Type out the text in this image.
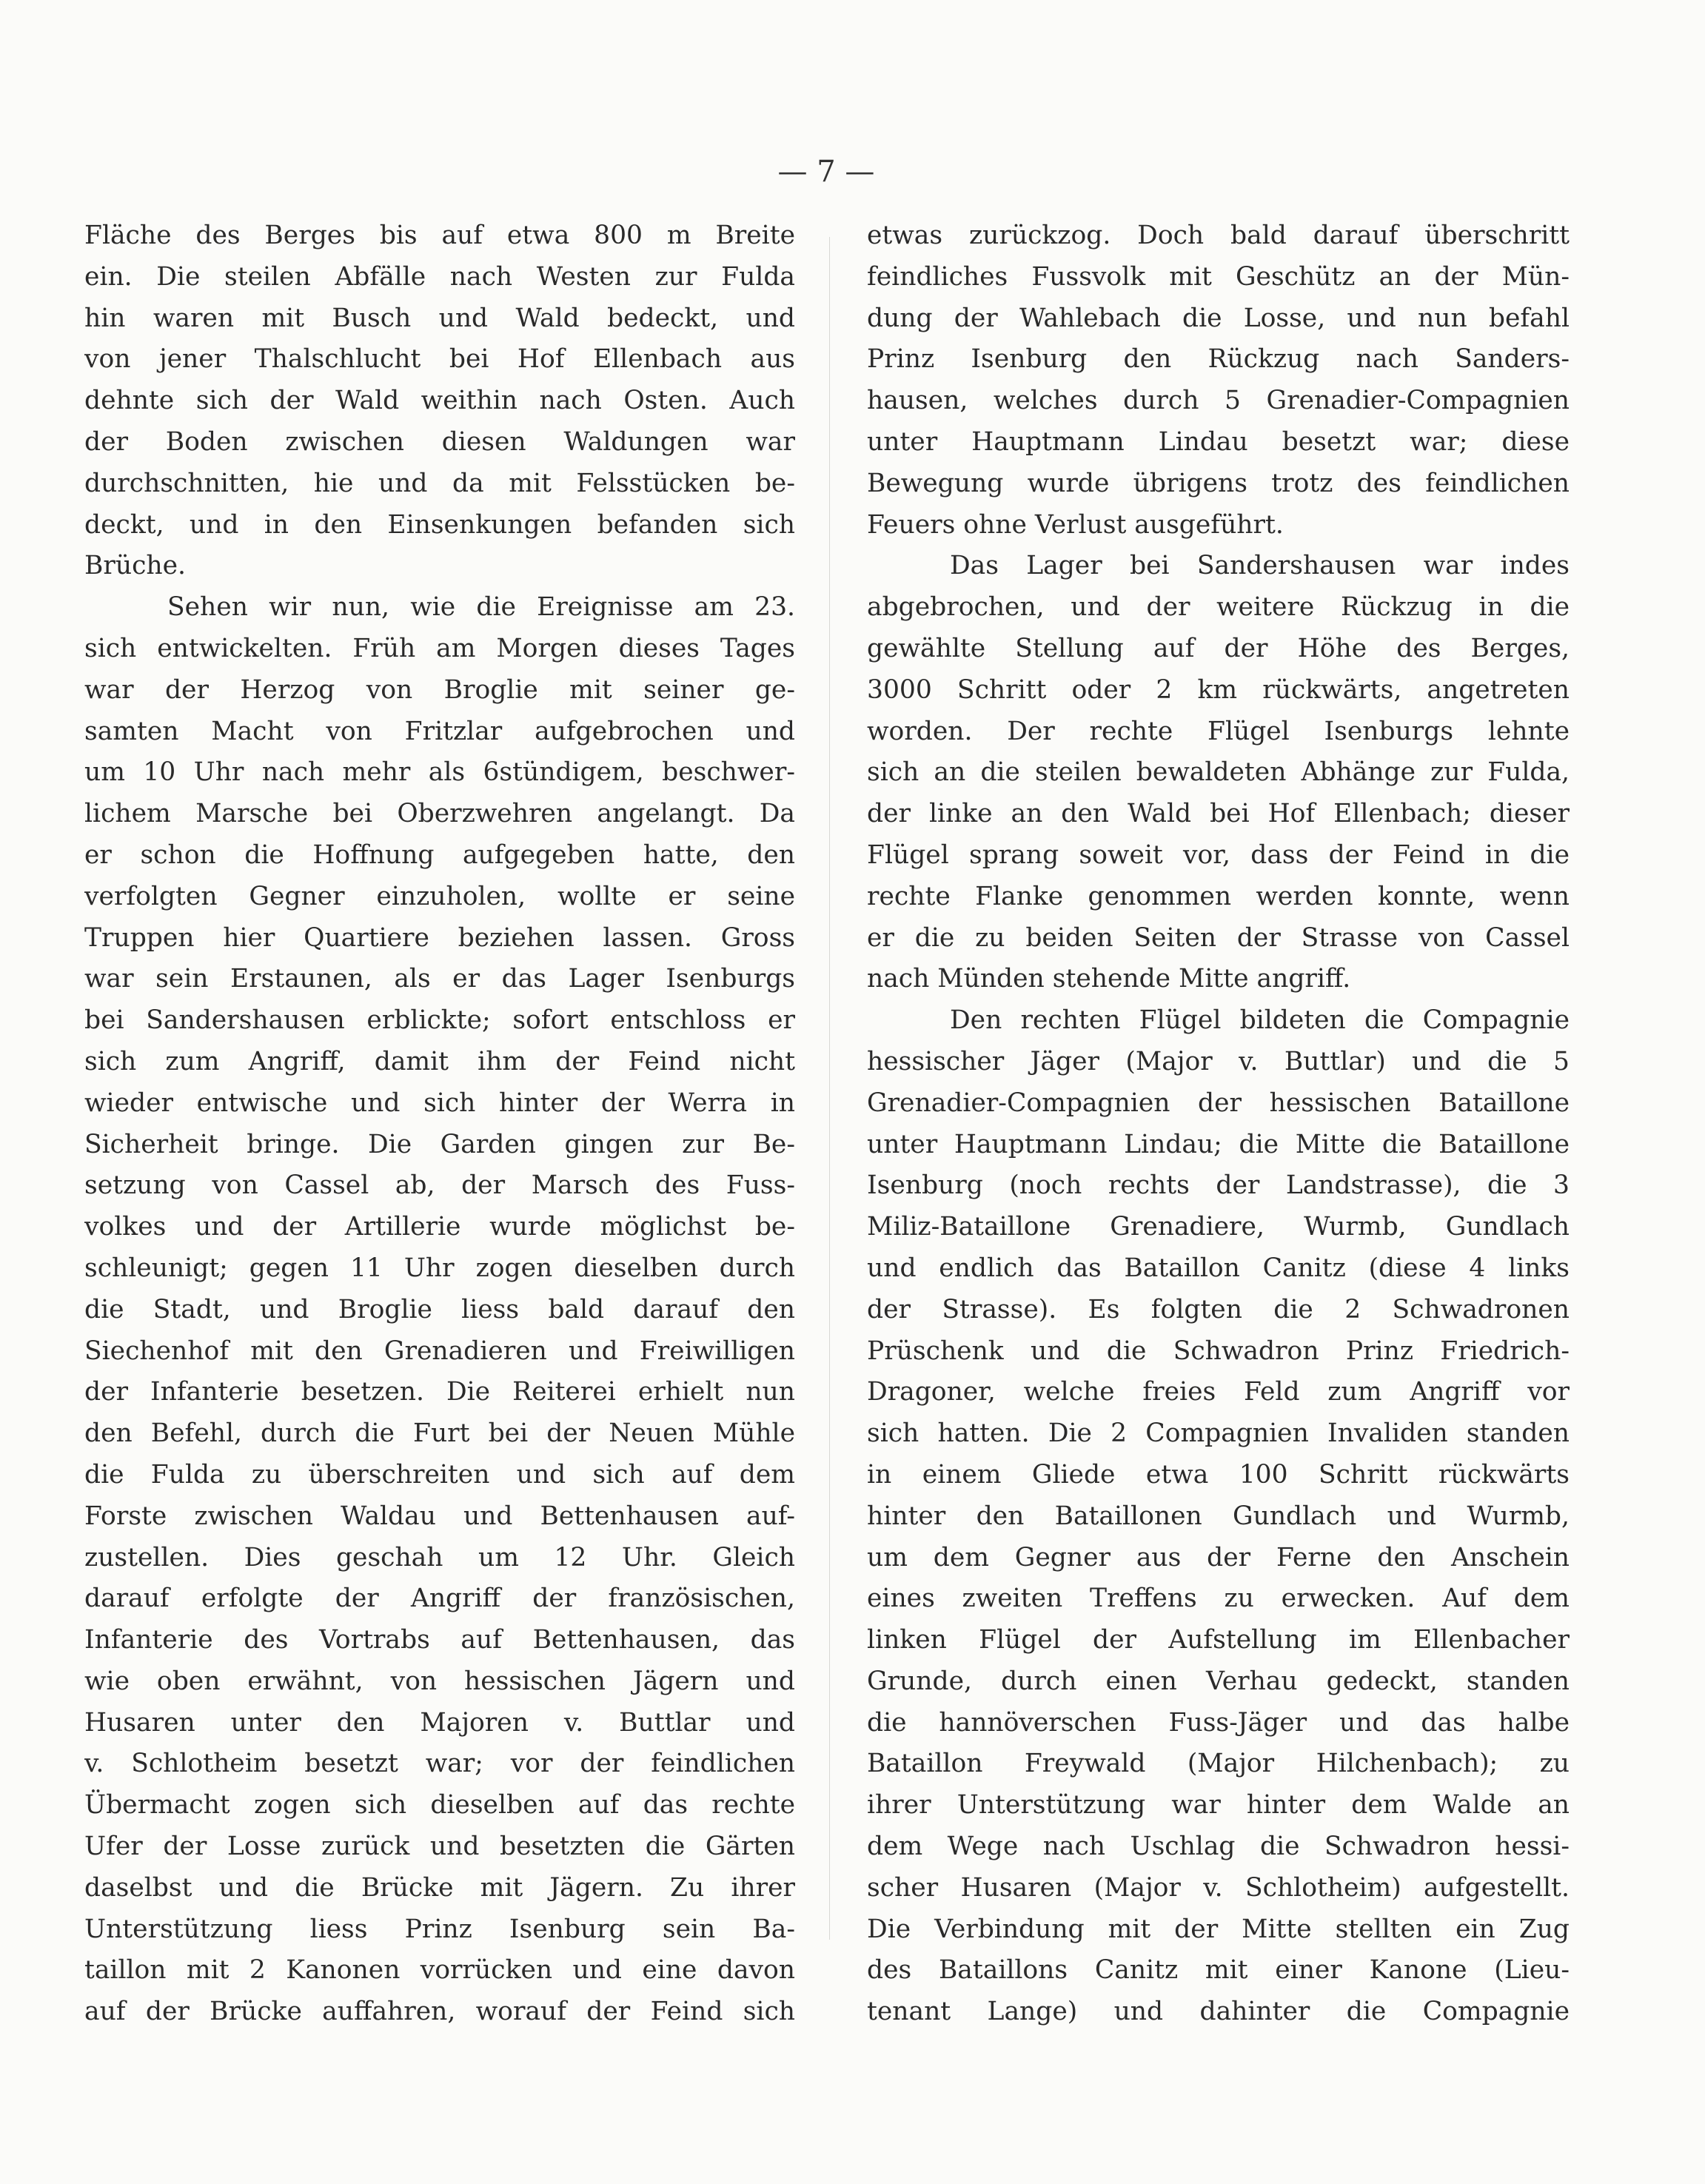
— 7 —
Fläche des Berges bis auf etwa 800 m Breite
ein. Die steilen Abfälle nach Westen zur Fulda
hin waren mit Busch und Wald bedeckt, und
von jener Thalschlucht bei Hof Ellenbach aus
dehnte sich der Wald weithin nach Osten. Auch
der Boden zwischen diesen Waldungen war
durchschnitten, hie und da mit Felsstücken be-
deckt, und in den Einsenkungen befanden sich
Brüche.
Sehen wir nun, wie die Ereignisse am 23.
sich entwickelten. Früh am Morgen dieses Tages
war der Herzog von Broglie mit seiner ge-
samten Macht von Fritzlar aufgebrochen und
um 10 Uhr nach mehr als 6stündigem, beschwer-
lichem Marsche bei Oberzwehren angelangt. Da
er schon die Hoffnung aufgegeben hatte, den
verfolgten Gegner einzuholen, wollte er seine
Truppen hier Quartiere beziehen lassen. Gross
war sein Erstaunen, als er das Lager Isenburgs
bei Sandershausen erblickte; sofort entschloss er
sich zum Angriff, damit ihm der Feind nicht
wieder entwische und sich hinter der Werra in
Sicherheit bringe. Die Garden gingen zur Be-
setzung von Cassel ab, der Marsch des Fuss-
volkes und der Artillerie wurde möglichst be-
schleunigt; gegen 11 Uhr zogen dieselben durch
die Stadt, und Broglie liess bald darauf den
Siechenhof mit den Grenadieren und Freiwilligen
der Infanterie besetzen. Die Reiterei erhielt nun
den Befehl, durch die Furt bei der Neuen Mühle
die Fulda zu überschreiten und sich auf dem
Forste zwischen Waldau und Bettenhausen auf-
zustellen. Dies geschah um 12 Uhr. Gleich
darauf erfolgte der Angriff der französischen,
Infanterie des Vortrabs auf Bettenhausen, das
wie oben erwähnt, von hessischen Jägern und
Husaren unter den Majoren v. Buttlar und
v. Schlotheim besetzt war; vor der feindlichen
Übermacht zogen sich dieselben auf das rechte
Ufer der Losse zurück und besetzten die Gärten
daselbst und die Brücke mit Jägern. Zu ihrer
Unterstützung liess Prinz Isenburg sein Ba-
taillon mit 2 Kanonen vorrücken und eine davon
auf der Brücke auffahren, worauf der Feind sich
etwas zurückzog. Doch bald darauf überschritt
feindliches Fussvolk mit Geschütz an der Mün-
dung der Wahlebach die Losse, und nun befahl
Prinz Isenburg den Rückzug nach Sanders-
hausen, welches durch 5 Grenadier-Compagnien
unter Hauptmann Lindau besetzt war; diese
Bewegung wurde übrigens trotz des feindlichen
Feuers ohne Verlust ausgeführt.
Das Lager bei Sandershausen war indes
abgebrochen, und der weitere Rückzug in die
gewählte Stellung auf der Höhe des Berges,
3000 Schritt oder 2 km rückwärts, angetreten
worden. Der rechte Flügel Isenburgs lehnte
sich an die steilen bewaldeten Abhänge zur Fulda,
der linke an den Wald bei Hof Ellenbach; dieser
Flügel sprang soweit vor, dass der Feind in die
rechte Flanke genommen werden konnte, wenn
er die zu beiden Seiten der Strasse von Cassel
nach Münden stehende Mitte angriff.
Den rechten Flügel bildeten die Compagnie
hessischer Jäger (Major v. Buttlar) und die 5
Grenadier-Compagnien der hessischen Bataillone
unter Hauptmann Lindau; die Mitte die Bataillone
Isenburg (noch rechts der Landstrasse), die 3
Miliz-Bataillone Grenadiere, Wurmb, Gundlach
und endlich das Bataillon Canitz (diese 4 links
der Strasse). Es folgten die 2 Schwadronen
Prüschenk und die Schwadron Prinz Friedrich-
Dragoner, welche freies Feld zum Angriff vor
sich hatten. Die 2 Compagnien Invaliden standen
in einem Gliede etwa 100 Schritt rückwärts
hinter den Bataillonen Gundlach und Wurmb,
um dem Gegner aus der Ferne den Anschein
eines zweiten Treffens zu erwecken. Auf dem
linken Flügel der Aufstellung im Ellenbacher
Grunde, durch einen Verhau gedeckt, standen
die hannöverschen Fuss-Jäger und das halbe
Bataillon Freywald (Major Hilchenbach); zu
ihrer Unterstützung war hinter dem Walde an
dem Wege nach Uschlag die Schwadron hessi-
scher Husaren (Major v. Schlotheim) aufgestellt.
Die Verbindung mit der Mitte stellten ein Zug
des Bataillons Canitz mit einer Kanone (Lieu-
tenant Lange) und dahinter die Compagnie
